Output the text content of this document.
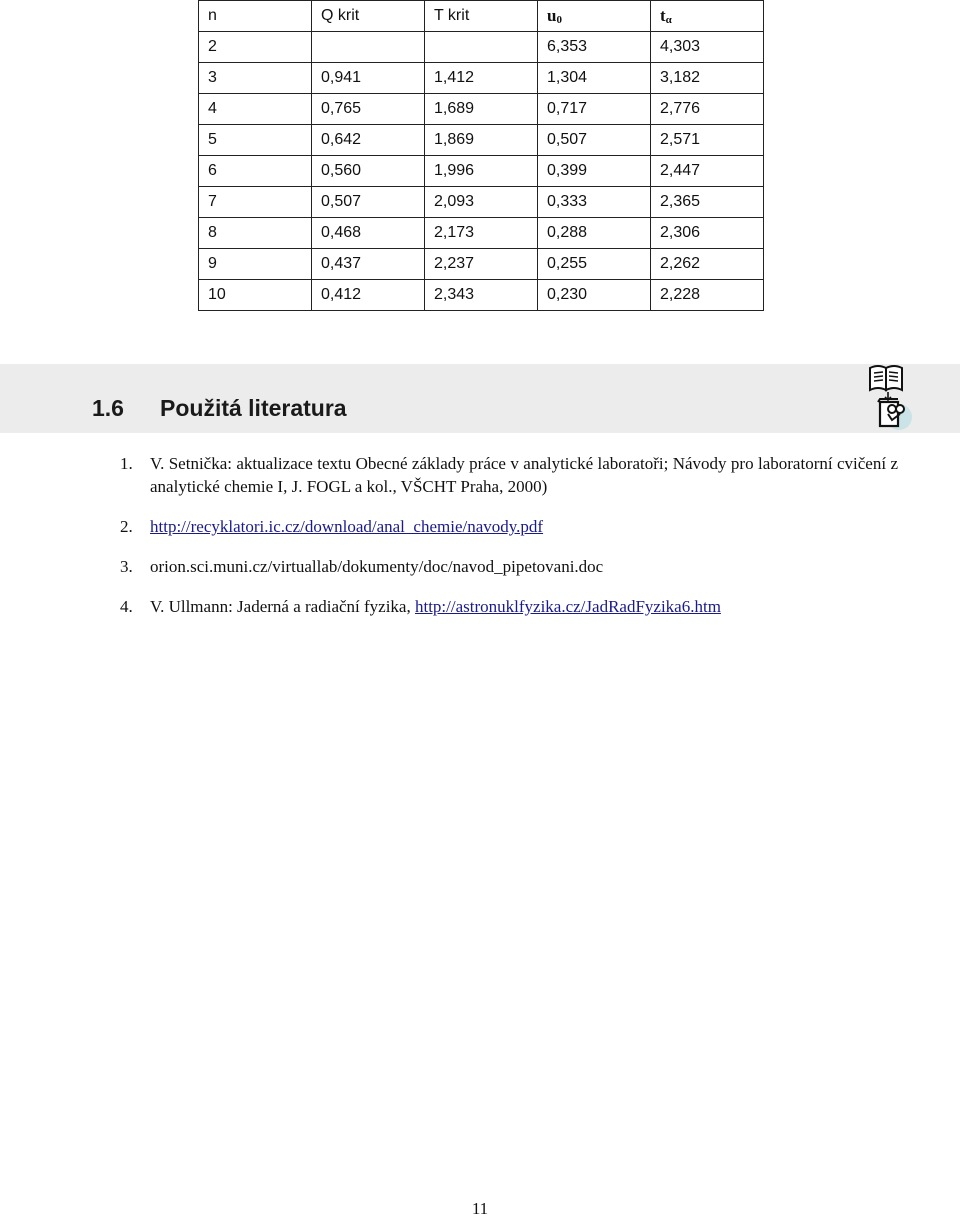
n	Q krit	T krit	$u_0$	$t_\alpha$
2			6,353	4,303
3	0,941	1,412	1,304	3,182
4	0,765	1,689	0,717	2,776
5	0,642	1,869	0,507	2,571
6	0,560	1,996	0,399	2,447
7	0,507	2,093	0,333	2,365
8	0,468	2,173	0,288	2,306
9	0,437	2,237	0,255	2,262
10	0,412	2,343	0,230	2,228
1.6 Použitá literatura

1. V. Setnička: aktualizace textu Obecné základy práce v analytické laboratoři; Návody pro laboratorní cvičení z analytické chemie I, J. FOGL a kol., VŠCHT Praha, 2000)

2. http://recyklatori.ic.cz/download/anal_chemie/navody.pdf

3. orion.sci.muni.cz/virtuallab/dokumenty/doc/navod_pipetovani.doc

4. V. Ullmann: Jaderná a radiační fyzika, http://astronuklfyzika.cz/JadRadFyzika6.htm

11
